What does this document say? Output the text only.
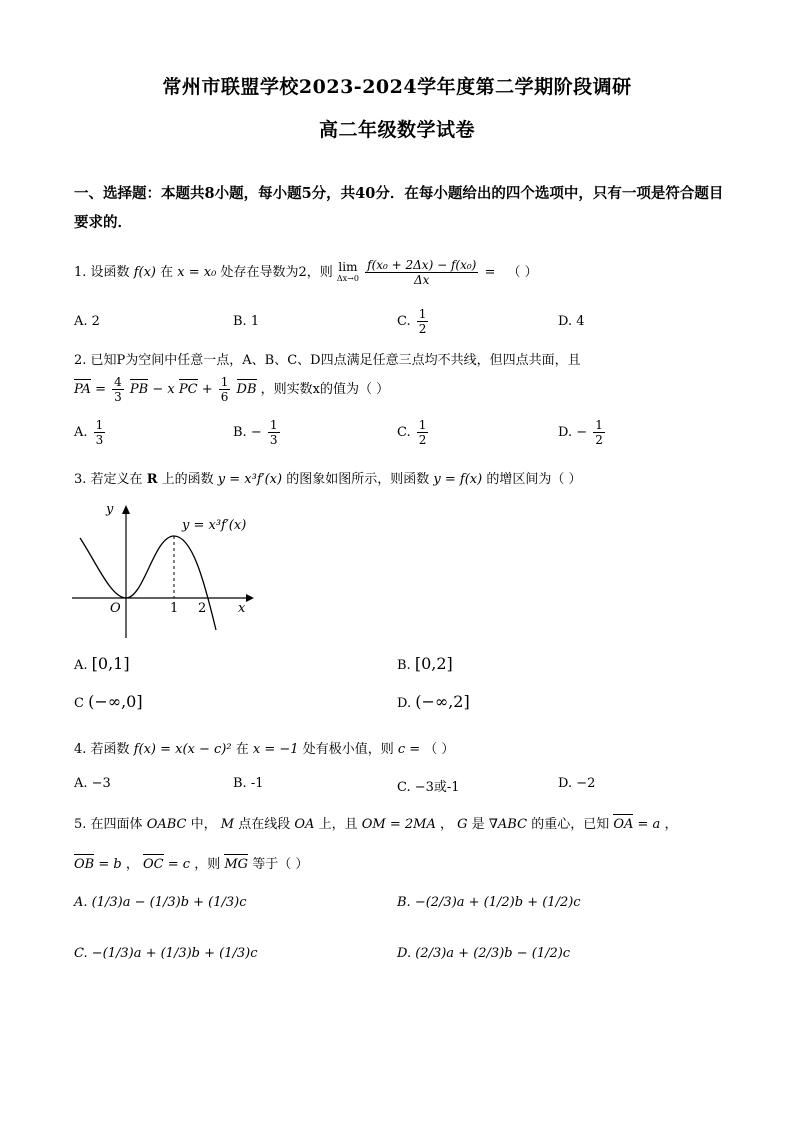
常州市联盟学校2023-2024学年度第二学期阶段调研
高二年级数学试卷
一、选择题：本题共8小题，每小题5分，共40分．在每小题给出的四个选项中，只有一项是符合题目要求的．
1. 设函数 f(x) 在 x = x₀ 处存在导数为2，则 lim
Δx→0
$\frac{\text{f(x₀ + 2Δx) − f(x₀)}}{\Delta x}$ = （ ）
A. 2	B. 1	C. $\frac{1}{2}$	D. 4
2. 已知P为空间中任意一点，A、B、C、D四点满足任意三点均不共线，但四点共面，且
PA = $\frac{4}{3}$ PB − x PC + $\frac{1}{6}$ DB ，则实数x的值为（ ）
A. $\frac{1}{3}$	B. − $\frac{1}{3}$	C. $\frac{1}{2}$	D. − $\frac{1}{2}$
3. 若定义在 R 上的函数 y = x³f′(x) 的图象如图所示，则函数 y = f(x) 的增区间为（ ）
y
x
O	1 2
y = x³f′(x)
A. [0,1]	B. [0,2]
C (−∞,0]	D. (−∞,2]
4. 若函数 f(x) = x(x − c)² 在 x = −1 处有极小值，则 c = （ ）
A. −3	B. -1	C. −3或-1	D. −2
5. 在四面体 OABC 中， M 点在线段 OA 上，且 OM = 2MA ， G 是 ∇ABC 的重心，已知 OA = a ，
OB = b ， OC = c ，则 MG 等于（ ）
A. (1/3)a − (1/3)b + (1/3)c	B. −(2/3)a + (1/2)b + (1/2)c
C. −(1/3)a + (1/3)b + (1/3)c	D. (2/3)a + (2/3)b − (1/2)c
